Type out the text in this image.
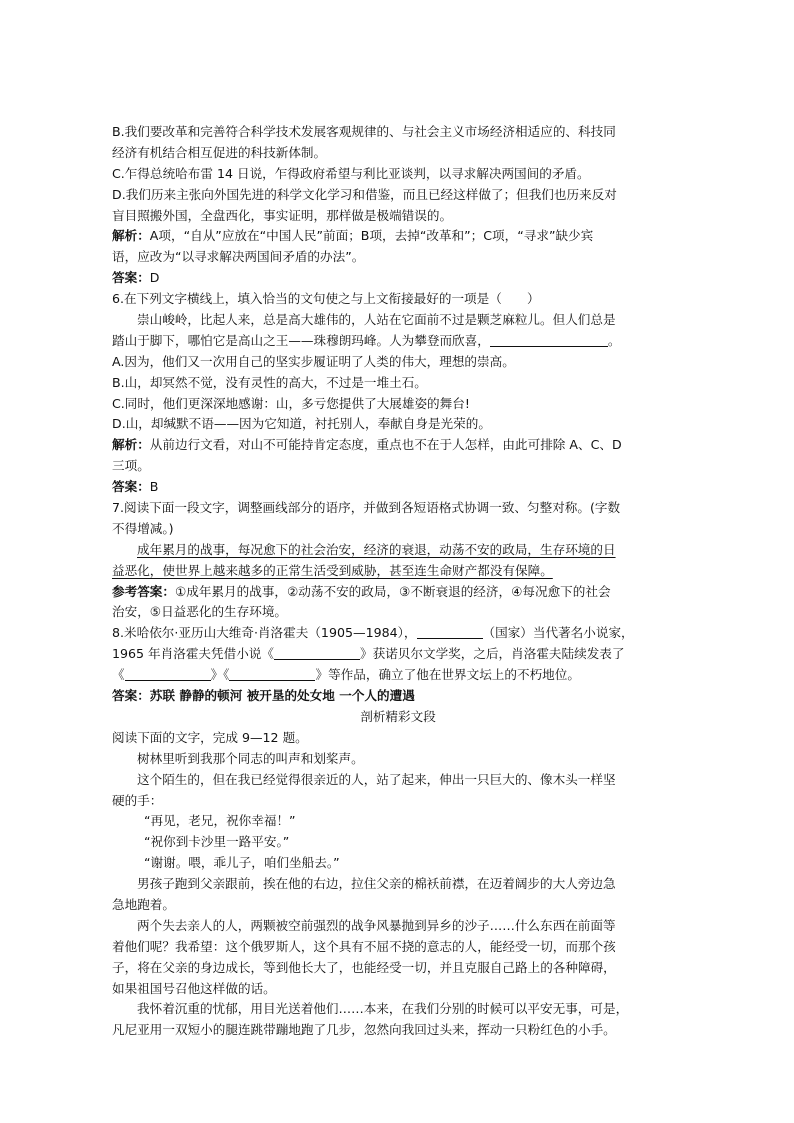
B.我们要改革和完善符合科学技术发展客观规律的、与社会主义市场经济相适应的、科技同
经济有机结合相互促进的科技新体制。
C.乍得总统哈布雷 14 日说，乍得政府希望与利比亚谈判，以寻求解决两国间的矛盾。
D.我们历来主张向外国先进的科学文化学习和借鉴，而且已经这样做了；但我们也历来反对
盲目照搬外国，全盘西化，事实证明，那样做是极端错误的。
解析：A项，“自从”应放在“中国人民”前面；B项，去掉“改革和”；C项，“寻求”缺少宾
语，应改为“以寻求解决两国间矛盾的办法”。
答案：D
6.在下列文字横线上，填入恰当的文句使之与上文衔接最好的一项是（　　）
崇山峻岭，比起人来，总是高大雄伟的，人站在它面前不过是颗芝麻粒儿。但人们总是
踏山于脚下，哪怕它是高山之王——珠穆朗玛峰。人为攀登而欣喜，	。
A.因为，他们又一次用自己的坚实步履证明了人类的伟大，理想的崇高。
B.山，却冥然不觉，没有灵性的高大，不过是一堆土石。
C.同时，他们更深深地感谢：山，多亏您提供了大展雄姿的舞台!
D.山，却缄默不语——因为它知道，衬托别人，奉献自身是光荣的。
解析：从前边行文看，对山不可能持肯定态度，重点也不在于人怎样，由此可排除 A、C、D
三项。
答案：B
7.阅读下面一段文字，调整画线部分的语序，并做到各短语格式协调一致、匀整对称。(字数
不得增减。)
成年累月的战事，每况愈下的社会治安，经济的衰退，动荡不安的政局，生存环境的日
益恶化，使世界上越来越多的正常生活受到威胁，甚至连生命财产都没有保障。
参考答案：①成年累月的战事，②动荡不安的政局，③不断衰退的经济，④每况愈下的社会
治安，⑤日益恶化的生存环境。
8.米哈依尔·亚历山大维奇·肖洛霍夫（1905—1984），	（国家）当代著名小说家，
1965 年肖洛霍夫凭借小说《	》获诺贝尔文学奖，之后，肖洛霍夫陆续发表了
《	》《	》等作品，确立了他在世界文坛上的不朽地位。
答案：苏联 静静的顿河 被开垦的处女地 一个人的遭遇
剖析精彩文段
阅读下面的文字，完成 9—12 题。
树林里听到我那个同志的叫声和划桨声。
这个陌生的，但在我已经觉得很亲近的人，站了起来，伸出一只巨大的、像木头一样坚
硬的手：
“再见，老兄，祝你幸福！”
“祝你到卡沙里一路平安。”
“谢谢。喂，乖儿子，咱们坐船去。”
男孩子跑到父亲跟前，挨在他的右边，拉住父亲的棉袄前襟，在迈着阔步的大人旁边急
急地跑着。
两个失去亲人的人，两颗被空前强烈的战争风暴抛到异乡的沙子……什么东西在前面等
着他们呢？我希望：这个俄罗斯人，这个具有不屈不挠的意志的人，能经受一切，而那个孩
子，将在父亲的身边成长，等到他长大了，也能经受一切，并且克服自己路上的各种障碍，
如果祖国号召他这样做的话。
我怀着沉重的忧郁，用目光送着他们……本来，在我们分别的时候可以平安无事，可是，
凡尼亚用一双短小的腿连跳带蹦地跑了几步，忽然向我回过头来，挥动一只粉红色的小手。
